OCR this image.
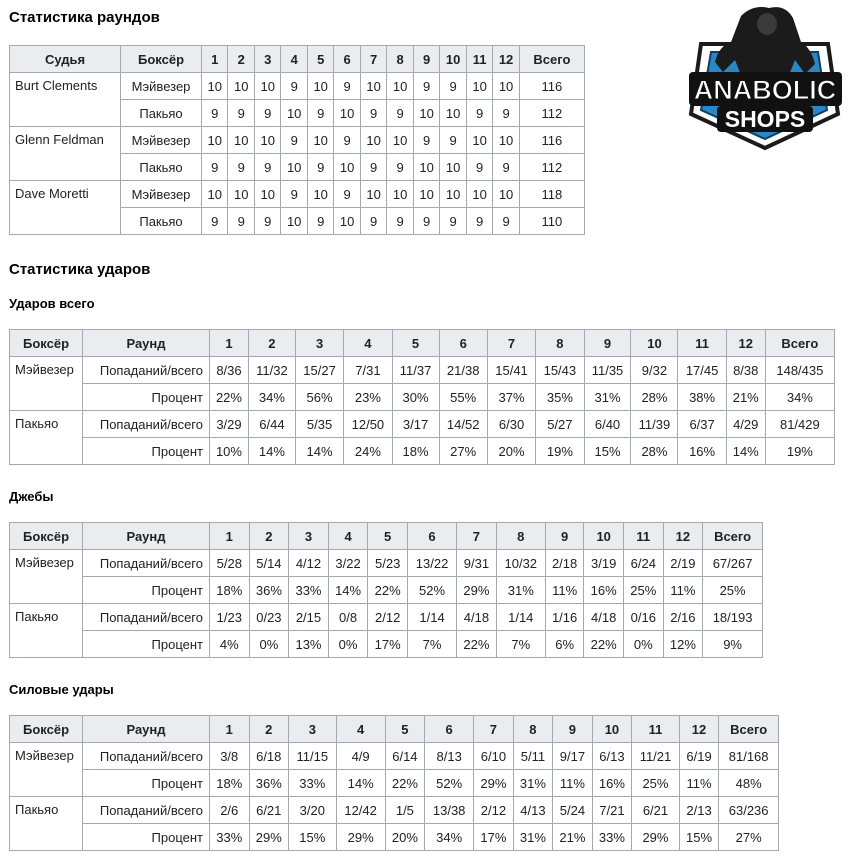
Статистика раундов
ANABOLIC
SHOPS
Судья	Боксёр	1	2	3	4	5	6	7	8	9	10	11	12	Всего
Burt Clements	Мэйвезер	10	10	10	9	10	9	10	10	9	9	10	10	116
	Пакьяо	9	9	9	10	9	10	9	9	10	10	9	9	112
Glenn Feldman	Мэйвезер	10	10	10	9	10	9	10	10	9	9	10	10	116
	Пакьяо	9	9	9	10	9	10	9	9	10	10	9	9	112
Dave Moretti	Мэйвезер	10	10	10	9	10	9	10	10	10	10	10	10	118
	Пакьяо	9	9	9	10	9	10	9	9	9	9	9	9	110
Статистика ударов
Ударов всего
Боксёр	Раунд	1	2	3	4	5	6	7	8	9	10	11	12	Всего
Мэйвезер	Попаданий/всего	8/36	11/32	15/27	7/31	11/37	21/38	15/41	15/43	11/35	9/32	17/45	8/38	148/435
	Процент	22%	34%	56%	23%	30%	55%	37%	35%	31%	28%	38%	21%	34%
Пакьяо	Попаданий/всего	3/29	6/44	5/35	12/50	3/17	14/52	6/30	5/27	6/40	11/39	6/37	4/29	81/429
	Процент	10%	14%	14%	24%	18%	27%	20%	19%	15%	28%	16%	14%	19%
Джебы
Боксёр	Раунд	1	2	3	4	5	6	7	8	9	10	11	12	Всего
Мэйвезер	Попаданий/всего	5/28	5/14	4/12	3/22	5/23	13/22	9/31	10/32	2/18	3/19	6/24	2/19	67/267
	Процент	18%	36%	33%	14%	22%	52%	29%	31%	11%	16%	25%	11%	25%
Пакьяо	Попаданий/всего	1/23	0/23	2/15	0/8	2/12	1/14	4/18	1/14	1/16	4/18	0/16	2/16	18/193
	Процент	4%	0%	13%	0%	17%	7%	22%	7%	6%	22%	0%	12%	9%
Силовые удары
Боксёр	Раунд	1	2	3	4	5	6	7	8	9	10	11	12	Всего
Мэйвезер	Попаданий/всего	3/8	6/18	11/15	4/9	6/14	8/13	6/10	5/11	9/17	6/13	11/21	6/19	81/168
	Процент	18%	36%	33%	14%	22%	52%	29%	31%	11%	16%	25%	11%	48%
Пакьяо	Попаданий/всего	2/6	6/21	3/20	12/42	1/5	13/38	2/12	4/13	5/24	7/21	6/21	2/13	63/236
	Процент	33%	29%	15%	29%	20%	34%	17%	31%	21%	33%	29%	15%	27%
